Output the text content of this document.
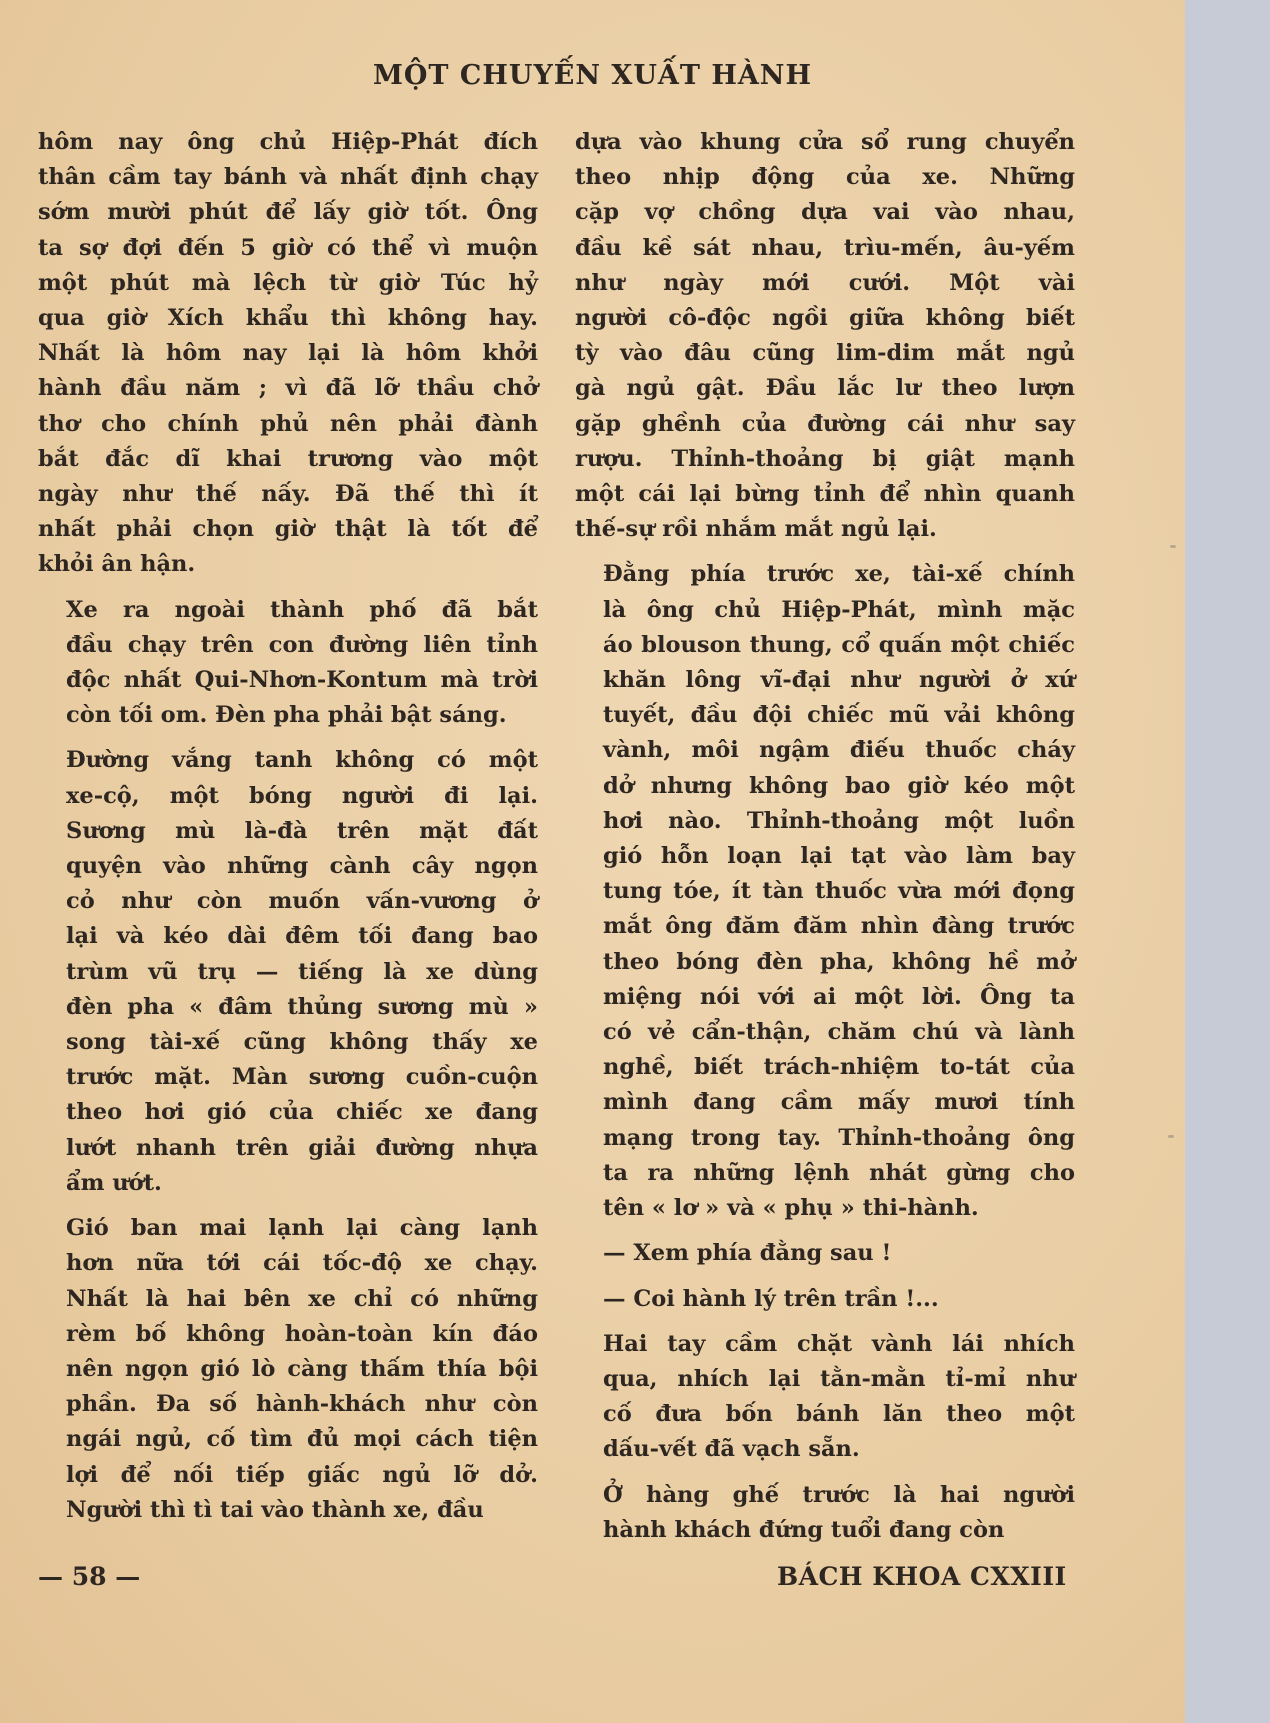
MỘT CHUYẾN XUẤT HÀNH

hôm nay ông chủ Hiệp-Phát đích
thân cầm tay bánh và nhất định chạy
sớm mười phút để lấy giờ tốt. Ông
ta sợ đợi đến 5 giờ có thể vì muộn
một phút mà lệch từ giờ Túc hỷ
qua giờ Xích khẩu thì không hay.
Nhất là hôm nay lại là hôm khởi
hành đầu năm ; vì đã lỡ thầu chở
thơ cho chính phủ nên phải đành
bắt đắc dĩ khai trương vào một
ngày như thế nấy. Đã thế thì ít
nhất phải chọn giờ thật là tốt để
khỏi ân hận.

Xe ra ngoài thành phố đã bắt
đầu chạy trên con đường liên tỉnh
độc nhất Qui-Nhơn-Kontum mà trời
còn tối om. Đèn pha phải bật sáng.

Đường vắng tanh không có một
xe-cộ, một bóng người đi lại.
Sương mù là-đà trên mặt đất
quyện vào những cành cây ngọn
cỏ như còn muốn vấn-vương ở
lại và kéo dài đêm tối đang bao
trùm vũ trụ — tiếng là xe dùng
đèn pha « đâm thủng sương mù »
song tài-xế cũng không thấy xe
trước mặt. Màn sương cuồn-cuộn
theo hơi gió của chiếc xe đang
lướt nhanh trên giải đường nhựa
ẩm ướt.

Gió ban mai lạnh lại càng lạnh
hơn nữa tới cái tốc-độ xe chạy.
Nhất là hai bên xe chỉ có những
rèm bố không hoàn-toàn kín đáo
nên ngọn gió lò càng thấm thía bội
phần. Đa số hành-khách như còn
ngái ngủ, cố tìm đủ mọi cách tiện
lợi để nối tiếp giấc ngủ lỡ dở.
Người thì tì tai vào thành xe, đầu

dựa vào khung cửa sổ rung chuyển
theo nhịp động của xe. Những
cặp vợ chồng dựa vai vào nhau,
đầu kề sát nhau, trìu-mến, âu-yếm
như ngày mới cưới. Một vài
người cô-độc ngồi giữa không biết
tỳ vào đâu cũng lim-dim mắt ngủ
gà ngủ gật. Đầu lắc lư theo lượn
gặp ghềnh của đường cái như say
rượu. Thỉnh-thoảng bị giật mạnh
một cái lại bừng tỉnh để nhìn quanh
thế-sự rồi nhắm mắt ngủ lại.

Đằng phía trước xe, tài-xế chính
là ông chủ Hiệp-Phát, mình mặc
áo blouson thung, cổ quấn một chiếc
khăn lông vĩ-đại như người ở xứ
tuyết, đầu đội chiếc mũ vải không
vành, môi ngậm điếu thuốc cháy
dở nhưng không bao giờ kéo một
hơi nào. Thỉnh-thoảng một luồn
gió hỗn loạn lại tạt vào làm bay
tung tóe, ít tàn thuốc vừa mới đọng
mắt ông đăm đăm nhìn đàng trước
theo bóng đèn pha, không hề mở
miệng nói với ai một lời. Ông ta
có vẻ cẩn-thận, chăm chú và lành
nghề, biết trách-nhiệm to-tát của
mình đang cầm mấy mươi tính
mạng trong tay. Thỉnh-thoảng ông
ta ra những lệnh nhát gừng cho
tên « lơ » và « phụ » thi-hành.

— Xem phía đằng sau !

— Coi hành lý trên trần !...

Hai tay cầm chặt vành lái nhích
qua, nhích lại tằn-mằn tỉ-mỉ như
cố đưa bốn bánh lăn theo một
dấu-vết đã vạch sẵn.

Ở hàng ghế trước là hai người
hành khách đứng tuổi đang còn

— 58 —	BÁCH KHOA CXXIII
